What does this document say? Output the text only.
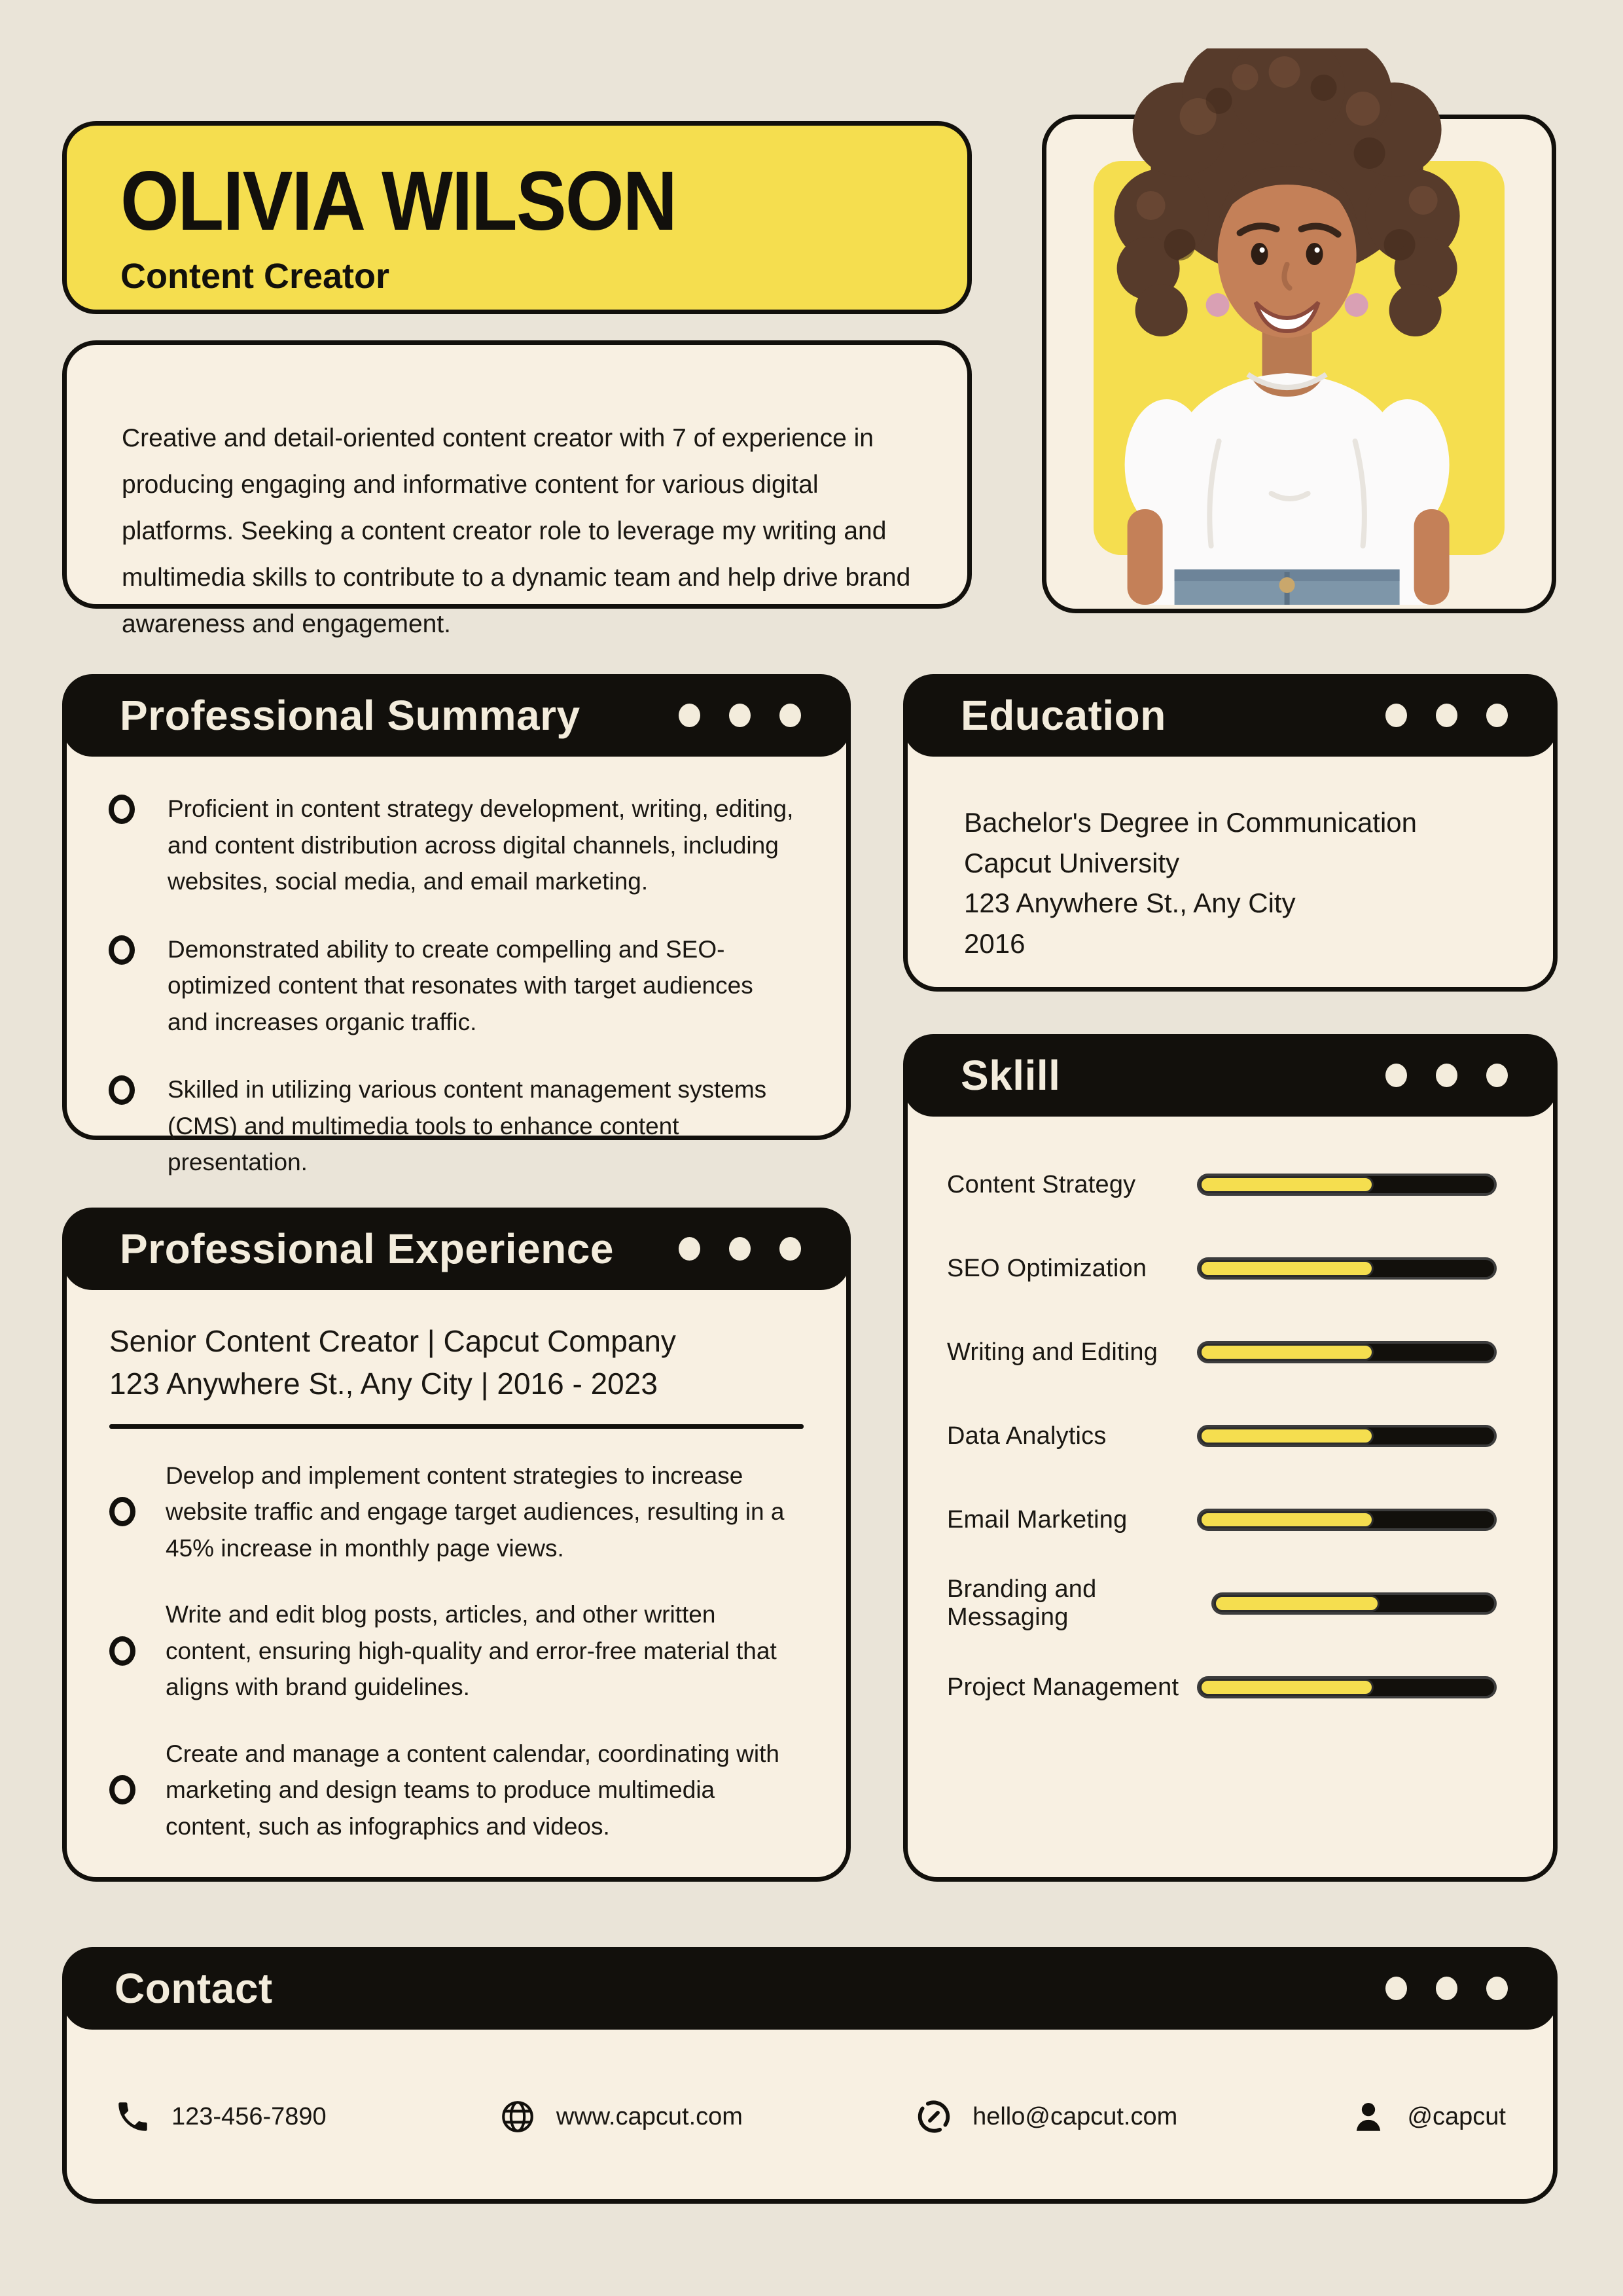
OLIVIA WILSON
Content Creator

Creative and detail-oriented content creator with 7 of experience in producing engaging and informative content for various digital platforms. Seeking a content creator role to leverage my writing and multimedia skills to contribute to a dynamic team and help drive brand awareness and engagement.

Professional Summary

Proficient in content strategy development, writing, editing, and content distribution across digital channels, including websites, social media, and email marketing.

Demonstrated ability to create compelling and SEO-optimized content that resonates with target audiences and increases organic traffic.

Skilled in utilizing various content management systems (CMS) and multimedia tools to enhance content presentation.

Education

Bachelor's Degree in Communication

Capcut University

123 Anywhere St., Any City

2016

Sklill
Content Strategy
SEO Optimization
Writing and Editing
Data Analytics
Email Marketing
Branding and Messaging
Project Management
Professional Experience

Senior Content Creator | Capcut Company

123 Anywhere St., Any City | 2016 - 2023

Develop and implement content strategies to increase website traffic and engage target audiences, resulting in a 45% increase in monthly page views.

Write and edit blog posts, articles, and other written content, ensuring high-quality and error-free material that aligns with brand guidelines.

Create and manage a content calendar, coordinating with marketing and design teams to produce multimedia content, such as infographics and videos.

Contact
123-456-7890	www.capcut.com	hello@capcut.com	@capcut
